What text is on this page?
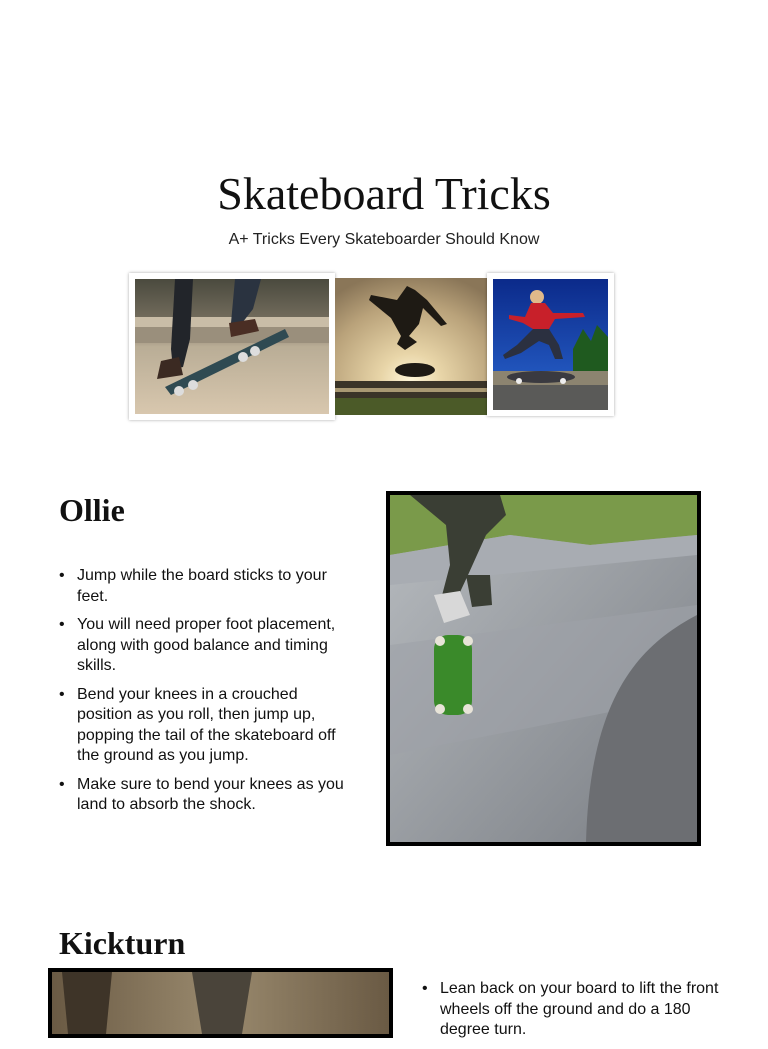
Skateboard Tricks
A+ Tricks Every Skateboarder Should Know
Ollie
• Jump while the board sticks to your feet.
• You will need proper foot placement, along with good balance and timing skills.
• Bend your knees in a crouched position as you roll, then jump up, popping the tail of the skateboard off the ground as you jump.
• Make sure to bend your knees as you land to absorb the shock.
Kickturn
• Lean back on your board to lift the front wheels off the ground and do a 180 degree turn.
